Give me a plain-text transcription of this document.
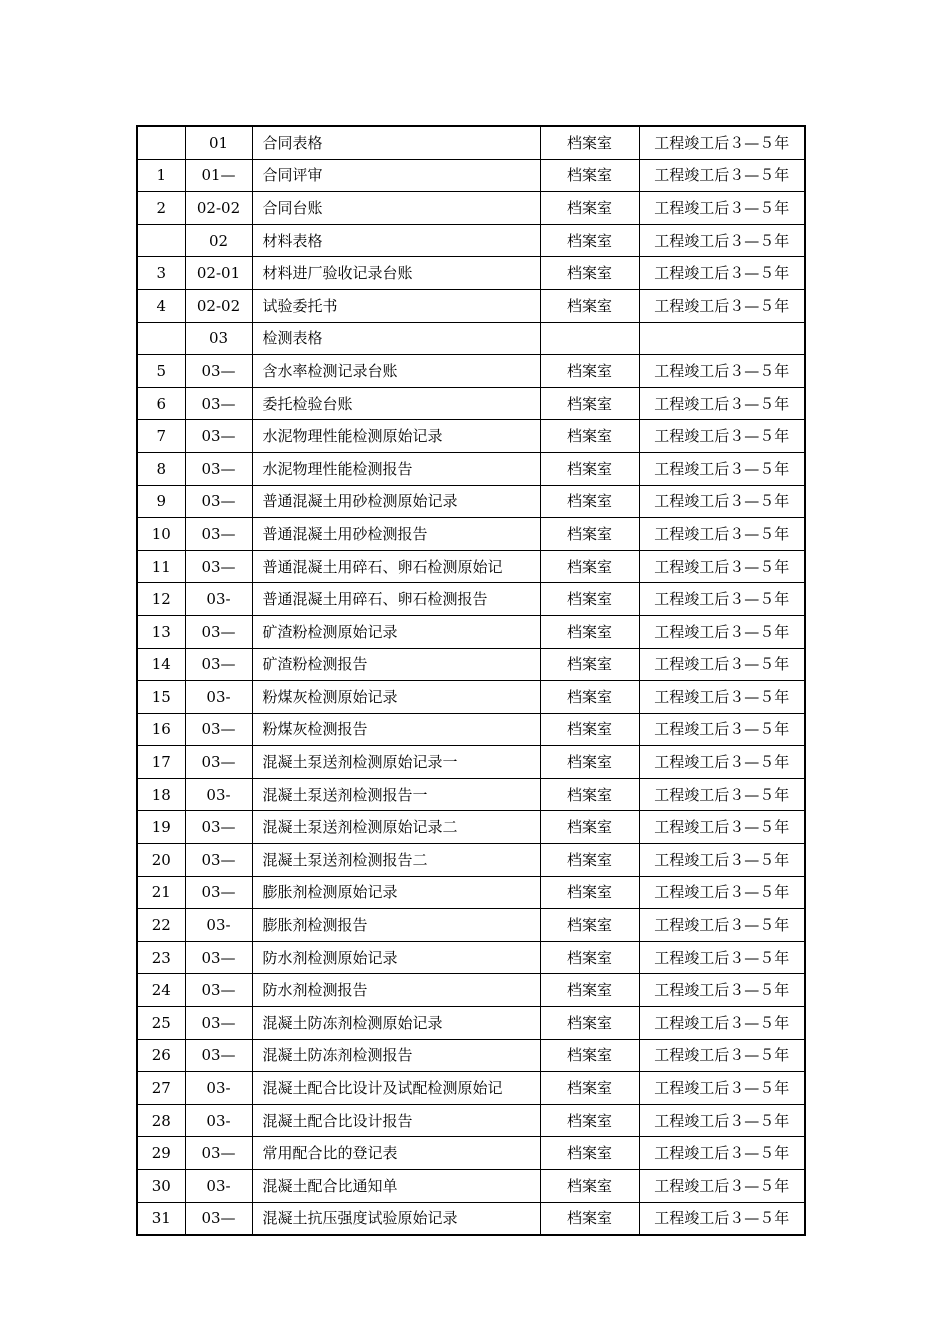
	01	合同表格	档案室	工程竣工后３—５年
1	01—	合同评审	档案室	工程竣工后３—５年
2	02-02	合同台账	档案室	工程竣工后３—５年
	02	材料表格	档案室	工程竣工后３—５年
3	02-01	材料进厂验收记录台账	档案室	工程竣工后３—５年
4	02-02	试验委托书	档案室	工程竣工后３—５年
	03	检测表格		
5	03—	含水率检测记录台账	档案室	工程竣工后３—５年
6	03—	委托检验台账	档案室	工程竣工后３—５年
7	03—	水泥物理性能检测原始记录	档案室	工程竣工后３—５年
8	03—	水泥物理性能检测报告	档案室	工程竣工后３—５年
9	03—	普通混凝土用砂检测原始记录	档案室	工程竣工后３—５年
10	03—	普通混凝土用砂检测报告	档案室	工程竣工后３—５年
11	03—	普通混凝土用碎石、卵石检测原始记	档案室	工程竣工后３—５年
12	03-	普通混凝土用碎石、卵石检测报告	档案室	工程竣工后３—５年
13	03—	矿渣粉检测原始记录	档案室	工程竣工后３—５年
14	03—	矿渣粉检测报告	档案室	工程竣工后３—５年
15	03-	粉煤灰检测原始记录	档案室	工程竣工后３—５年
16	03—	粉煤灰检测报告	档案室	工程竣工后３—５年
17	03—	混凝土泵送剂检测原始记录一	档案室	工程竣工后３—５年
18	03-	混凝土泵送剂检测报告一	档案室	工程竣工后３—５年
19	03—	混凝土泵送剂检测原始记录二	档案室	工程竣工后３—５年
20	03—	混凝土泵送剂检测报告二	档案室	工程竣工后３—５年
21	03—	膨胀剂检测原始记录	档案室	工程竣工后３—５年
22	03-	膨胀剂检测报告	档案室	工程竣工后３—５年
23	03—	防水剂检测原始记录	档案室	工程竣工后３—５年
24	03—	防水剂检测报告	档案室	工程竣工后３—５年
25	03—	混凝土防冻剂检测原始记录	档案室	工程竣工后３—５年
26	03—	混凝土防冻剂检测报告	档案室	工程竣工后３—５年
27	03-	混凝土配合比设计及试配检测原始记	档案室	工程竣工后３—５年
28	03-	混凝土配合比设计报告	档案室	工程竣工后３—５年
29	03—	常用配合比的登记表	档案室	工程竣工后３—５年
30	03-	混凝土配合比通知单	档案室	工程竣工后３—５年
31	03—	混凝土抗压强度试验原始记录	档案室	工程竣工后３—５年
